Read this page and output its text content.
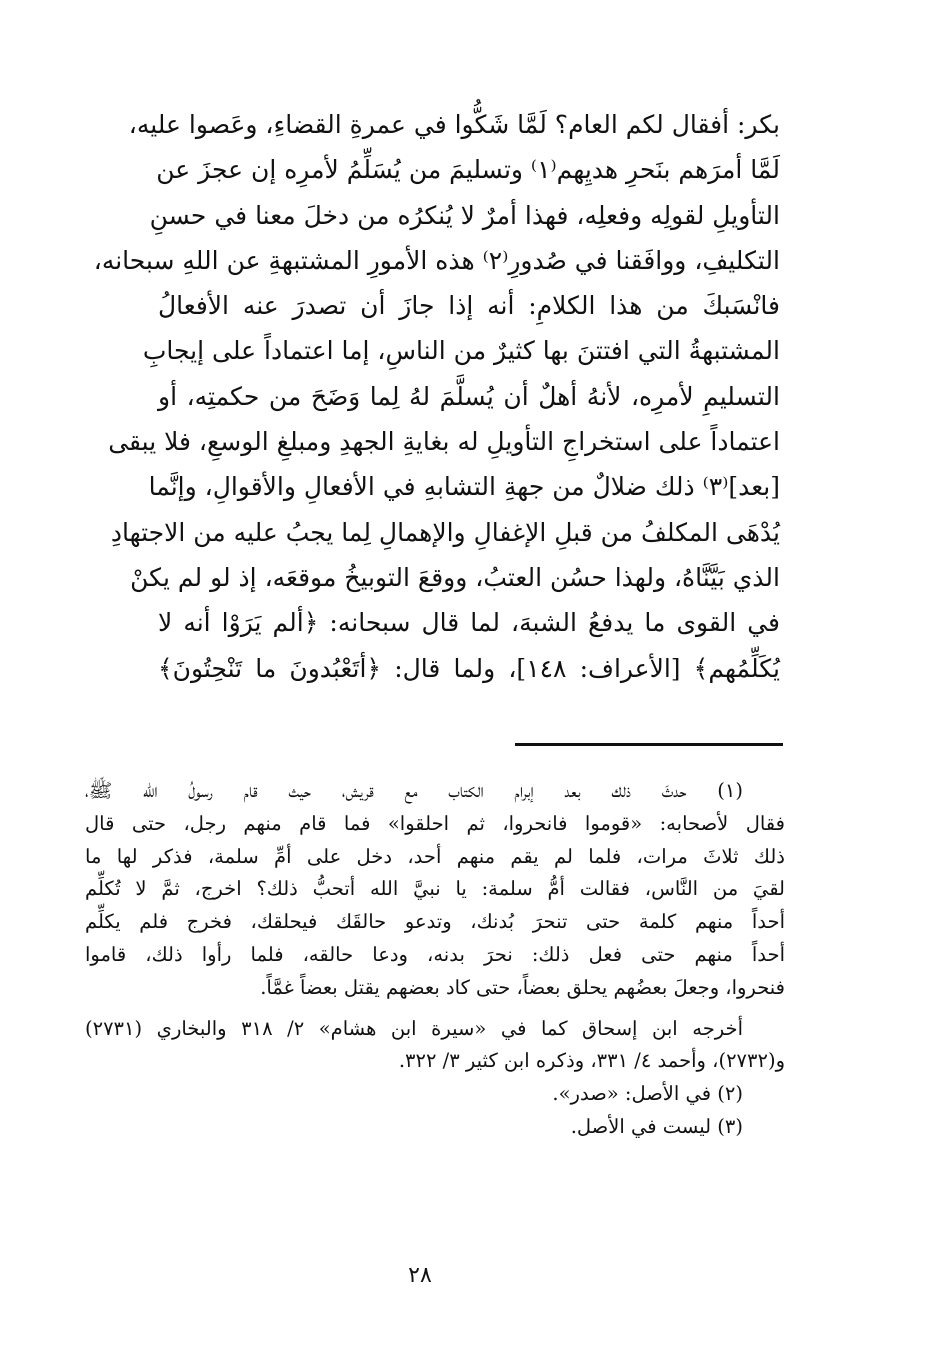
بكر: أفقال لكم العام؟ لَمَّا شَكُّوا في عمرةِ القضاءِ، وعَصوا عليه،
لَمَّا أمرَهم بنَحرِ هديِهم⁽١⁾ وتسليمَ من يُسَلِّمُ لأمرِه إن عجزَ عن
التأويلِ لقولِه وفعلِه، فهذا أمرٌ لا يُنكرُه من دخلَ معنا في حسنِ
التكليفِ، ووافَقنا في صُدورِ⁽٢⁾ هذه الأمورِ المشتبهةِ عن اللهِ سبحانه،
فانْسَبكَ من هذا الكلامِ: أنه إذا جازَ أن تصدرَ عنه الأفعالُ
المشتبهةُ التي افتتنَ بها كثيرٌ من الناسِ، إما اعتماداً على إيجابِ
التسليمِ لأمرِه، لأنهُ أهلٌ أن يُسلَّمَ لهُ لِما وَضَحَ من حكمتِه، أو
اعتماداً على استخراجِ التأويلِ له بغايةِ الجهدِ ومبلغِ الوسعِ، فلا يبقى
[بعد]⁽٣⁾ ذلك ضلالٌ من جهةِ التشابهِ في الأفعالِ والأقوالِ، وإنَّما
يُدْهَى المكلفُ من قبلِ الإغفالِ والإهمالِ لِما يجبُ عليه من الاجتهادِ
الذي بَيَّنَّاهُ، ولهذا حسُن العتبُ، ووقعَ التوبيخُ موقعَه، إذ لو لم يكنْ
في القوى ما يدفعُ الشبهَ، لما قال سبحانه: ﴿ألم يَرَوْا أنه لا
يُكَلِّمُهم﴾ [الأعراف: ١٤٨]، ولما قال: ﴿أتَعْبُدونَ ما تَنْحِتُونَ﴾
(١) حدثَ ذلك بعد إبرام الكتاب مع قريش، حيث قام رسولُ الله ﷺ،
فقال لأصحابه: «قوموا فانحروا، ثم احلقوا» فما قام منهم رجل، حتى قال
ذلك ثلاثَ مرات، فلما لم يقم منهم أحد، دخل على أمِّ سلمة، فذكر لها ما
لقيَ من النَّاس، فقالت أمُّ سلمة: يا نبيَّ الله أتحبُّ ذلك؟ اخرج، ثمَّ لا تُكلِّم
أحداً منهم كلمة حتى تنحرَ بُدنك، وتدعو حالقَك فيحلقك، فخرج فلم يكلِّم
أحداً منهم حتى فعل ذلك: نحرَ بدنه، ودعا حالقه، فلما رأوا ذلك، قاموا
فنحروا، وجعلَ بعضُهم يحلق بعضاً، حتى كاد بعضهم يقتل بعضاً غمَّاً.
أخرجه ابن إسحاق كما في «سيرة ابن هشام» ٢/ ٣١٨ والبخاري (٢٧٣١)
و(٢٧٣٢)، وأحمد ٤/ ٣٣١، وذكره ابن كثير ٣/ ٣٢٢.
(٢) في الأصل: «صدر».
(٣) ليست في الأصل.
٢٨
